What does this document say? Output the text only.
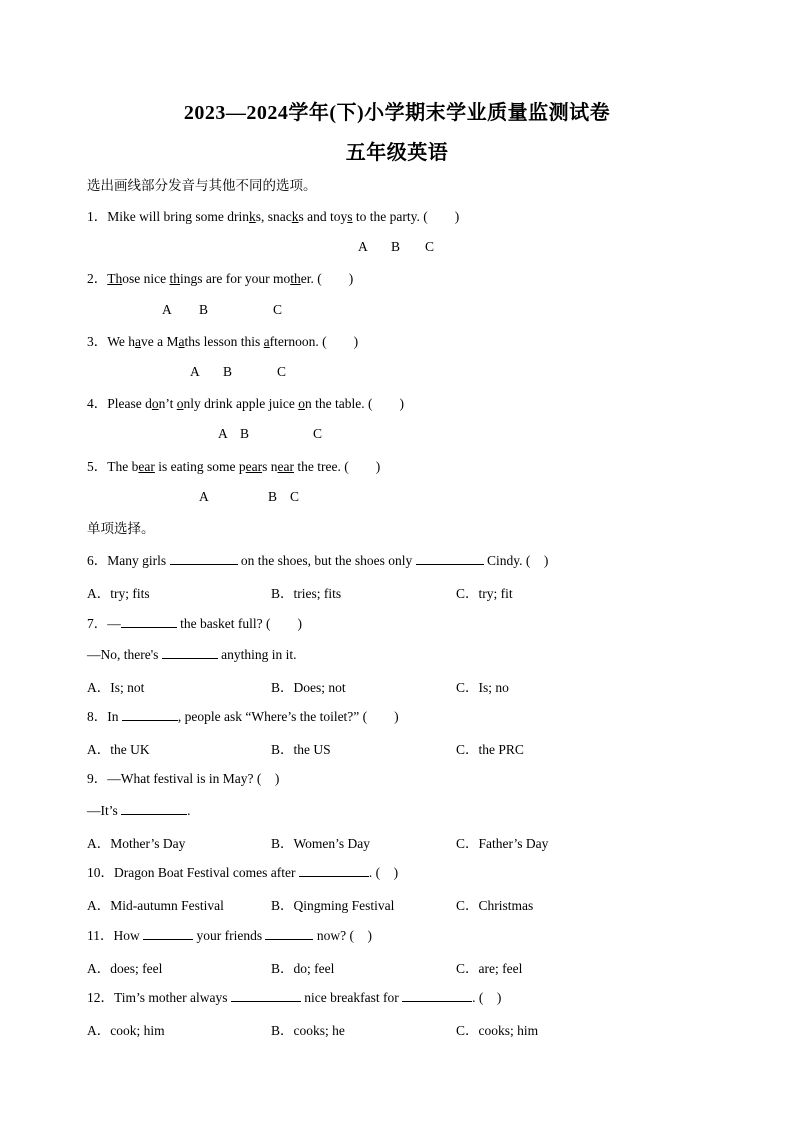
2023—2024学年(下)小学期末学业质量监测试卷
五年级英语
选出画线部分发音与其他不同的选项。
1．Mike will bring some drinks, snacks and toys to the party. (　　)
A B C
2．Those nice things are for your mother. (　　)
A B	C
3．We have a Maths lesson this afternoon. (　　)
A B	C
4．Please don’t only drink apple juice on the table. (　　)
A B	C
5．The bear is eating some pears near the tree. (　　)
A	B C
单项选择。
6．Many girls	on the shoes, but the shoes only	Cindy. (　)
A．try; fits	B．tries; fits	C．try; fit
7．—	the basket full? (　　)
—No, there's	anything in it.
A．Is; not	B．Does; not	C．Is; no
8．In	, people ask “Where’s the toilet?” (　　)
A．the UK	B．the US	C．the PRC
9．—What festival is in May? (　)
—It’s	.
A．Mother’s Day	B．Women’s Day	C．Father’s Day
10．Dragon Boat Festival comes after	. (　)
A．Mid-autumn Festival	B．Qingming Festival	C．Christmas
11．How	your friends	now? (　)
A．does; feel	B．do; feel	C．are; feel
12．Tim’s mother always	nice breakfast for	. (　)
A．cook; him	B．cooks; he	C．cooks; him
